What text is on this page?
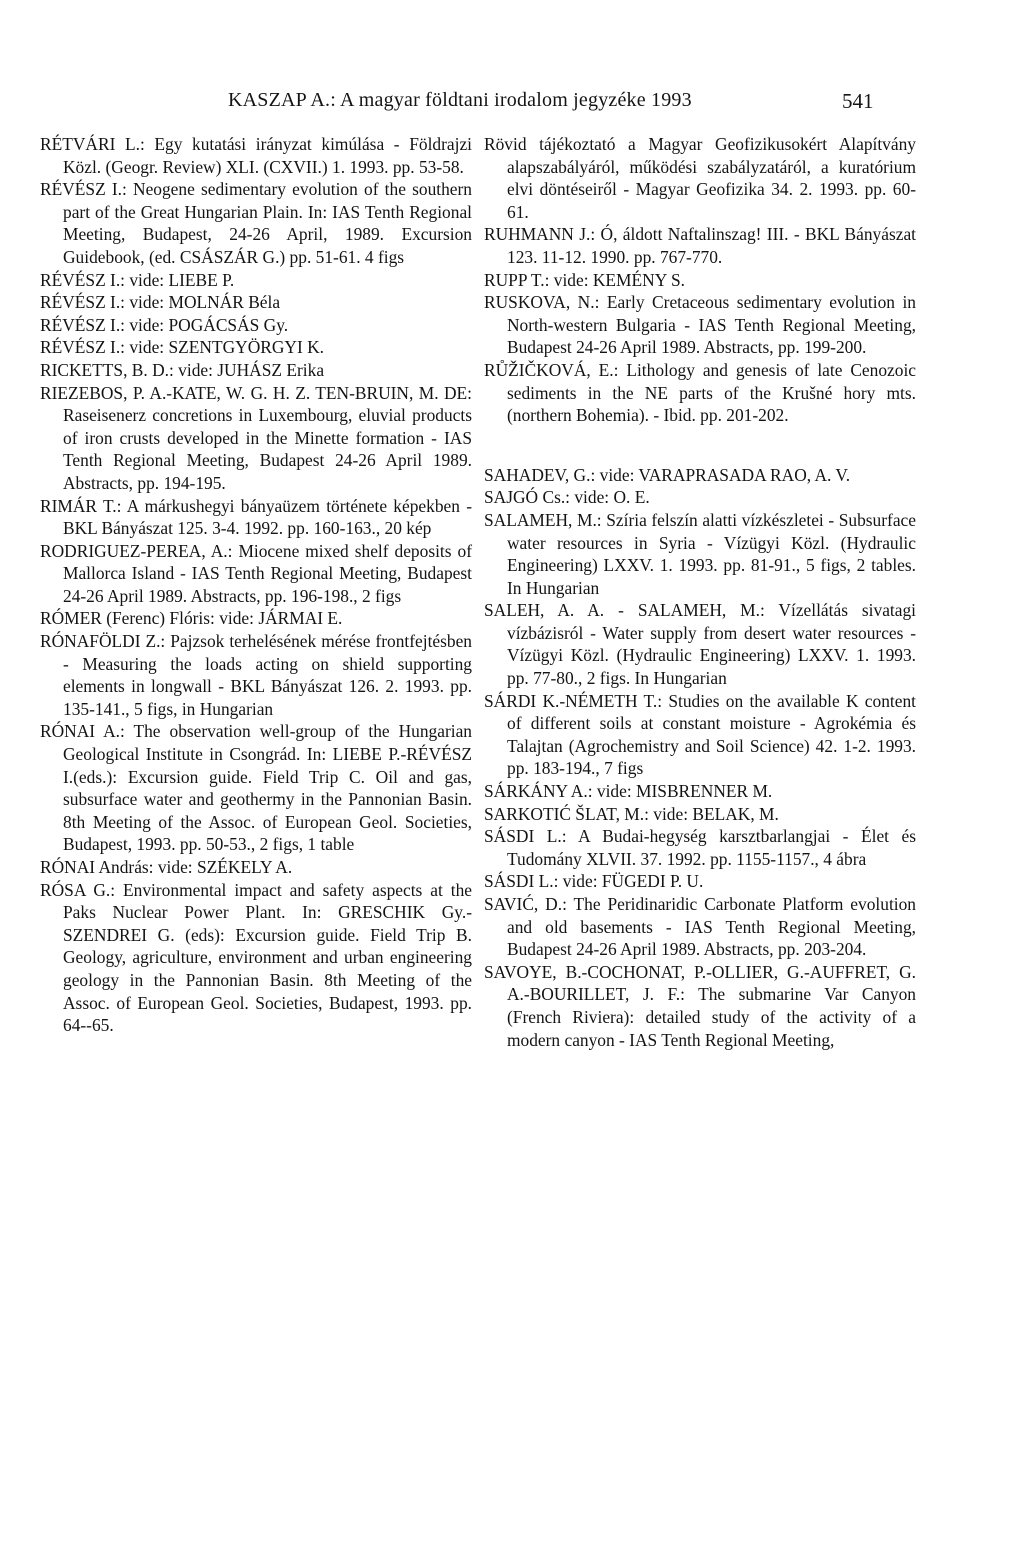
KASZAP A.: A magyar földtani irodalom jegyzéke 1993	541
RÉTVÁRI L.: Egy kutatási irányzat kimúlása - Földrajzi Közl. (Geogr. Review) XLI. (CXVII.) 1. 1993. pp. 53-58.
RÉVÉSZ I.: Neogene sedimentary evolution of the southern part of the Great Hungarian Plain. In: IAS Tenth Regional Meeting, Budapest, 24-26 April, 1989. Excursion Guidebook, (ed. CSÁSZÁR G.) pp. 51-61. 4 figs
RÉVÉSZ I.: vide: LIEBE P.
RÉVÉSZ I.: vide: MOLNÁR Béla
RÉVÉSZ I.: vide: POGÁCSÁS Gy.
RÉVÉSZ I.: vide: SZENTGYÖRGYI K.
RICKETTS, B. D.: vide: JUHÁSZ Erika
RIEZEBOS, P. A.-KATE, W. G. H. Z. TEN-BRUIN, M. DE: Raseisenerz concretions in Luxembourg, eluvial products of iron crusts developed in the Minette formation - IAS Tenth Regional Meeting, Budapest 24-26 April 1989. Abstracts, pp. 194-195.
RIMÁR T.: A márkushegyi bányaüzem története képekben - BKL Bányászat 125. 3-4. 1992. pp. 160-163., 20 kép
RODRIGUEZ-PEREA, A.: Miocene mixed shelf deposits of Mallorca Island - IAS Tenth Regional Meeting, Budapest 24-26 April 1989. Abstracts, pp. 196-198., 2 figs
RÓMER (Ferenc) Flóris: vide: JÁRMAI E.
RÓNAFÖLDI Z.: Pajzsok terhelésének mérése frontfejtésben - Measuring the loads acting on shield supporting elements in longwall - BKL Bányászat 126. 2. 1993. pp. 135-141., 5 figs, in Hungarian
RÓNAI A.: The observation well-group of the Hungarian Geological Institute in Csongrád. In: LIEBE P.-RÉVÉSZ I.(eds.): Excursion guide. Field Trip C. Oil and gas, subsurface water and geothermy in the Pannonian Basin. 8th Meeting of the Assoc. of European Geol. Societies, Budapest, 1993. pp. 50-53., 2 figs, 1 table
RÓNAI András: vide: SZÉKELY A.
RÓSA G.: Environmental impact and safety aspects at the Paks Nuclear Power Plant. In: GRESCHIK Gy.-SZENDREI G. (eds): Excursion guide. Field Trip B. Geology, agriculture, environment and urban engineering geology in the Pannonian Basin. 8th Meeting of the Assoc. of European Geol. Societies, Budapest, 1993. pp. 64--65.
Rövid tájékoztató a Magyar Geofizikusokért Alapítvány alapszabályáról, működési szabályzatáról, a kuratórium elvi döntéseiről - Magyar Geofizika 34. 2. 1993. pp. 60-61.
RUHMANN J.: Ó, áldott Naftalinszag! III. - BKL Bányászat 123. 11-12. 1990. pp. 767-770.
RUPP T.: vide: KEMÉNY S.
RUSKOVA, N.: Early Cretaceous sedimentary evolution in North-western Bulgaria - IAS Tenth Regional Meeting, Budapest 24-26 April 1989. Abstracts, pp. 199-200.
RŮŽIČKOVÁ, E.: Lithology and genesis of late Cenozoic sediments in the NE parts of the Krušné hory mts. (northern Bohemia). - Ibid. pp. 201-202.
SAHADEV, G.: vide: VARAPRASADA RAO, A. V.
SAJGÓ Cs.: vide: O. E.
SALAMEH, M.: Szíria felszín alatti vízkészletei - Subsurface water resources in Syria - Vízügyi Közl. (Hydraulic Engineering) LXXV. 1. 1993. pp. 81-91., 5 figs, 2 tables. In Hungarian
SALEH, A. A. - SALAMEH, M.: Vízellátás sivatagi vízbázisról - Water supply from desert water resources - Vízügyi Közl. (Hydraulic Engineering) LXXV. 1. 1993. pp. 77-80., 2 figs. In Hungarian
SÁRDI K.-NÉMETH T.: Studies on the available K content of different soils at constant moisture - Agrokémia és Talajtan (Agrochemistry and Soil Science) 42. 1-2. 1993. pp. 183-194., 7 figs
SÁRKÁNY A.: vide: MISBRENNER M.
SARKOTIĆ ŠLAT, M.: vide: BELAK, M.
SÁSDI L.: A Budai-hegység karsztbarlangjai - Élet és Tudomány XLVII. 37. 1992. pp. 1155-1157., 4 ábra
SÁSDI L.: vide: FÜGEDI P. U.
SAVIĆ, D.: The Peridinaridic Carbonate Platform evolution and old basements - IAS Tenth Regional Meeting, Budapest 24-26 April 1989. Abstracts, pp. 203-204.
SAVOYE, B.-COCHONAT, P.-OLLIER, G.-AUFFRET, G. A.-BOURILLET, J. F.: The submarine Var Canyon (French Riviera): detailed study of the activity of a modern canyon - IAS Tenth Regional Meeting,
